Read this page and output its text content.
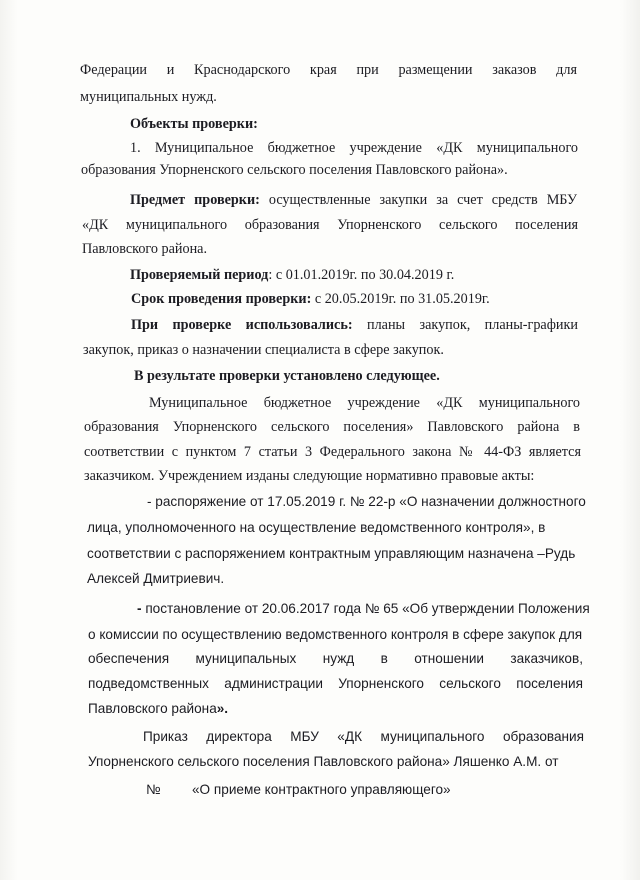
Федерации и Краснодарского края при размещении заказов для

муниципальных нужд.

Объекты проверки:

1. Муниципальное бюджетное учреждение «ДК муниципального

образования Упорненского сельского поселения Павловского района».

Предмет проверки: осуществленные закупки за счет средств МБУ

«ДК муниципального образования Упорненского сельского поселения

Павловского района.

Проверяемый период: с 01.01.2019г. по 30.04.2019 г.

Срок проведения проверки: с 20.05.2019г. по 31.05.2019г.

При проверке использовались: планы закупок, планы-графики

закупок, приказ о назначении специалиста в сфере закупок.

В результате проверки установлено следующее.

Муниципальное бюджетное учреждение «ДК муниципального

образования Упорненского сельского поселения» Павловского района в

соответствии с пунктом 7 статьи 3 Федерального закона № 44-ФЗ является

заказчиком. Учреждением изданы следующие нормативно правовые акты:

- распоряжение от 17.05.2019 г. № 22-р «О назначении должностного

лица, уполномоченного на осуществление ведомственного контроля», в

соответствии с распоряжением контрактным управляющим назначена –Рудь

Алексей Дмитриевич.

- постановление от 20.06.2017 года № 65 «Об утверждении Положения

о комиссии по осуществлению ведомственного контроля в сфере закупок для

обеспечения муниципальных нужд в отношении заказчиков,

подведомственных администрации Упорненского сельского поселения

Павловского района».

Приказ директора МБУ «ДК муниципального образования

Упорненского сельского поселения Павловского района» Ляшенко А.М. от

№ «О приеме контрактного управляющего»
